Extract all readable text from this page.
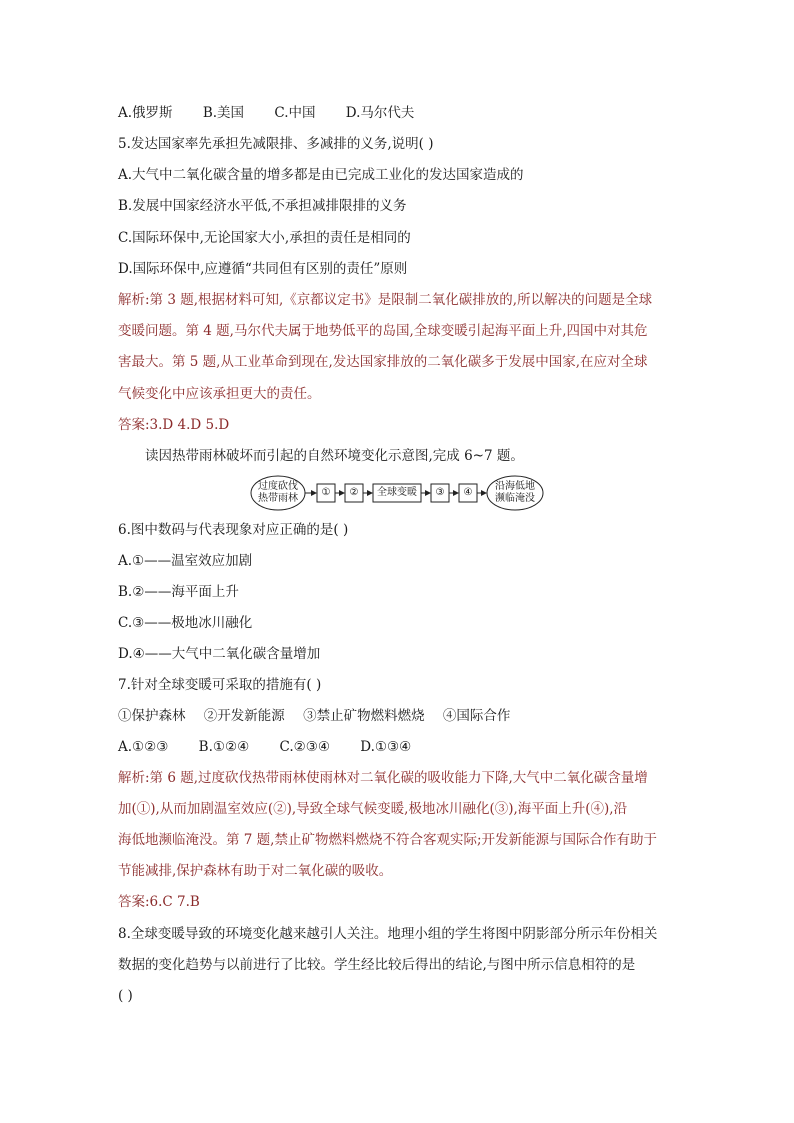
A.俄罗斯 B.美国 C.中国 D.马尔代夫
5.发达国家率先承担先减限排、多减排的义务,说明( )
A.大气中二氧化碳含量的增多都是由已完成工业化的发达国家造成的
B.发展中国家经济水平低,不承担减排限排的义务
C.国际环保中,无论国家大小,承担的责任是相同的
D.国际环保中,应遵循“共同但有区别的责任”原则
解析:第 3 题,根据材料可知,《京都议定书》是限制二氧化碳排放的,所以解决的问题是全球
变暖问题。第 4 题,马尔代夫属于地势低平的岛国,全球变暖引起海平面上升,四国中对其危
害最大。第 5 题,从工业革命到现在,发达国家排放的二氧化碳多于发展中国家,在应对全球
气候变化中应该承担更大的责任。
答案:3.D 4.D 5.D
读因热带雨林破坏而引起的自然环境变化示意图,完成 6~7 题。
过度砍伐
热带雨林
①	②	全球变暖	③	④
沿海低地
濒临淹没
6.图中数码与代表现象对应正确的是( )
A.①——温室效应加剧
B.②——海平面上升
C.③——极地冰川融化
D.④——大气中二氧化碳含量增加
7.针对全球变暖可采取的措施有( )
①保护森林 ②开发新能源 ③禁止矿物燃料燃烧 ④国际合作
A.①②③ B.①②④ C.②③④ D.①③④
解析:第 6 题,过度砍伐热带雨林使雨林对二氧化碳的吸收能力下降,大气中二氧化碳含量增
加(①),从而加剧温室效应(②),导致全球气候变暖,极地冰川融化(③),海平面上升(④),沿
海低地濒临淹没。第 7 题,禁止矿物燃料燃烧不符合客观实际;开发新能源与国际合作有助于
节能减排,保护森林有助于对二氧化碳的吸收。
答案:6.C 7.B
8.全球变暖导致的环境变化越来越引人关注。地理小组的学生将图中阴影部分所示年份相关
数据的变化趋势与以前进行了比较。学生经比较后得出的结论,与图中所示信息相符的是
( )
